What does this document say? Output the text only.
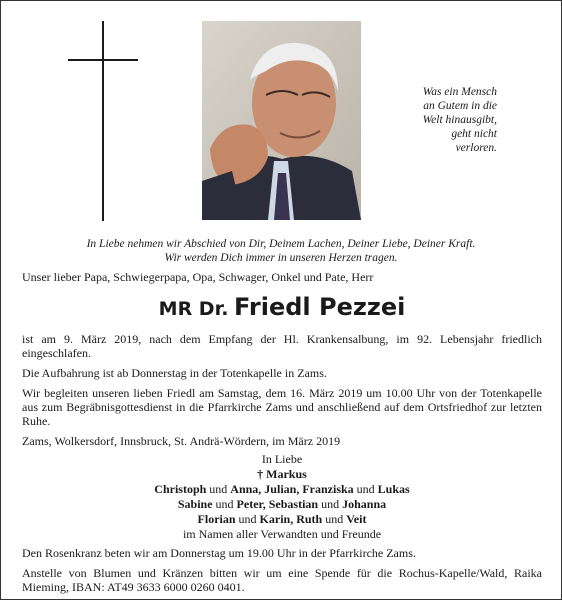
Was ein Mensch
an Gutem in die
Welt hinausgibt,
geht nicht
verloren.
In Liebe nehmen wir Abschied von Dir, Deinem Lachen, Deiner Liebe, Deiner Kraft.
Wir werden Dich immer in unseren Herzen tragen.
Unser lieber Papa, Schwiegerpapa, Opa, Schwager, Onkel und Pate, Herr
MR Dr. Friedl Pezzei

ist am 9. März 2019, nach dem Empfang der Hl. Krankensalbung, im 92. Lebensjahr friedlich eingeschlafen.

Die Aufbahrung ist ab Donnerstag in der Totenkapelle in Zams.

Wir begleiten unseren lieben Friedl am Samstag, dem 16. März 2019 um 10.00 Uhr von der Totenkapelle aus zum Begräbnisgottesdienst in die Pfarrkirche Zams und anschließend auf dem Ortsfriedhof zur letzten Ruhe.

Zams, Wolkersdorf, Innsbruck, St. Andrä-Wördern, im März 2019

In Liebe
† Markus
Christoph und Anna, Julian, Franziska und Lukas
Sabine und Peter, Sebastian und Johanna
Florian und Karin, Ruth und Veit
im Namen aller Verwandten und Freunde

Den Rosenkranz beten wir am Donnerstag um 19.00 Uhr in der Pfarrkirche Zams.

Anstelle von Blumen und Kränzen bitten wir um eine Spende für die Rochus-Kapelle/Wald, Raika Mieming, IBAN: AT49 3633 6000 0260 0401.
